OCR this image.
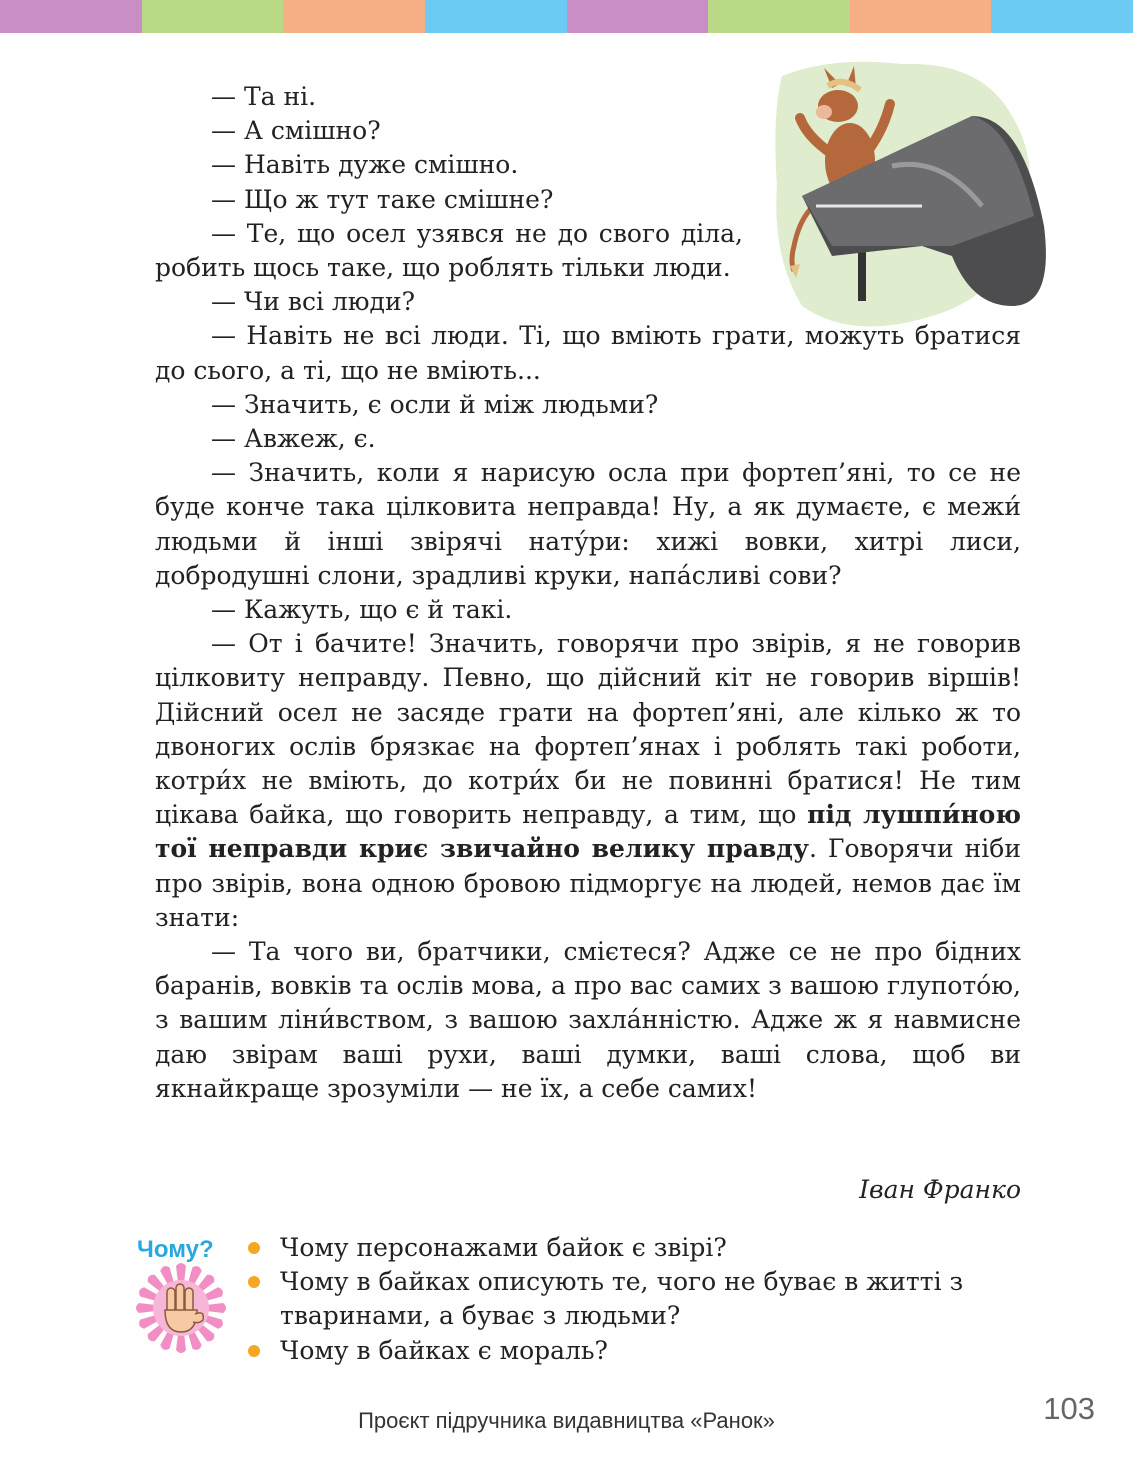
— Та ні.

— А смішно?

— Навіть дуже смішно.

— Що ж тут таке смішне?

— Те, що осел узявся не до свого діла, робить щось таке, що роблять тільки люди.

— Чи всі люди?

— Навіть не всі люди. Ті, що вміють грати, можуть братися до сього, а ті, що не вміють...

— Значить, є осли й між людьми?

— Авжеж, є.

— Значить, коли я нарисую осла при фортеп’яні, то се не буде конче така цілковита неправда! Ну, а як думаєте, є межи́ людьми й інші звірячі нату́ри: хижі вовки, хитрі лиси, добродушні слони, зрадливі круки, напа́сливі сови?

— Кажуть, що є й такі.

— От і бачите! Значить, говорячи про звірів, я не говорив цілковиту неправду. Певно, що дійсний кіт не говорив віршів! Дійсний осел не засяде грати на фортеп’яні, але кілько ж то двоногих ослів брязкає на фортеп’янах і роблять такі роботи, котри́х не вміють, до котри́х би не повинні братися! Не тим цікава байка, що говорить неправду, а тим, що під лушпи́ною тої неправди криє звичайно велику правду. Говорячи ніби про звірів, вона одною бровою підморгує на людей, немов дає їм знати:

— Та чого ви, братчики, смієтеся? Адже се не про бідних баранів, вовків та ослів мова, а про вас самих з вашою глупото́ю, з вашим ліни́вством, з вашою захла́нністю. Адже ж я навмисне даю звірам ваші рухи, ваші думки, ваші слова, щоб ви якнайкраще зрозуміли — не їх, а себе самих!

Іван Франко
Чому?	Чому персонажами байок є звірі?
Чому в байках описують те, чого не буває в житті з тваринами, а буває з людьми?
Чому в байках є мораль?
Проєкт підручника видавництва «Ранок»	103
